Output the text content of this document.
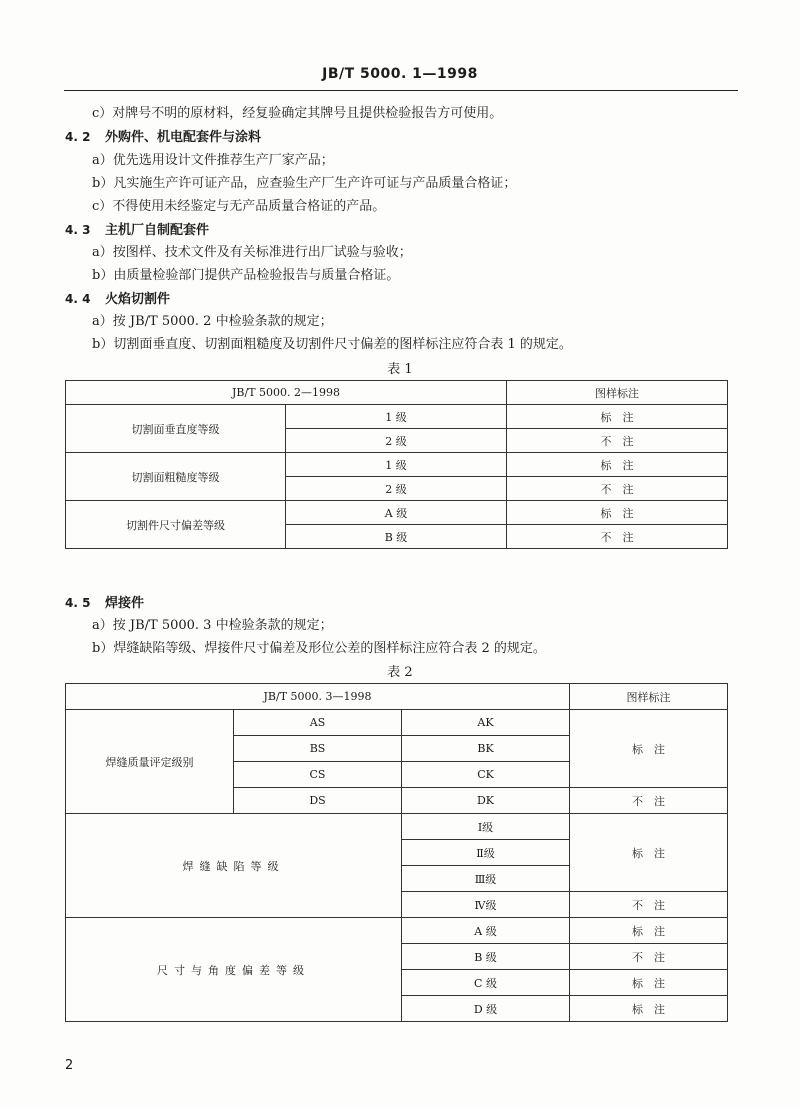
JB/T 5000. 1—1998
c）对牌号不明的原材料，经复验确定其牌号且提供检验报告方可使用。
4. 2 外购件、机电配套件与涂料
a）优先选用设计文件推荐生产厂家产品；
b）凡实施生产许可证产品，应查验生产厂生产许可证与产品质量合格证；
c）不得使用未经鉴定与无产品质量合格证的产品。
4. 3 主机厂自制配套件
a）按图样、技术文件及有关标准进行出厂试验与验收；
b）由质量检验部门提供产品检验报告与质量合格证。
4. 4 火焰切割件
a）按 JB/T 5000. 2 中检验条款的规定；
b）切割面垂直度、切割面粗糙度及切割件尺寸偏差的图样标注应符合表 1 的规定。
表 1
JB/T 5000. 2—1998		图样标注
切割面垂直度等级	1 级	标　注
	2 级	不　注
切割面粗糙度等级	1 级	标　注
	2 级	不　注
切割件尺寸偏差等级	A 级	标　注
	B 级	不　注
4. 5 焊接件
a）按 JB/T 5000. 3 中检验条款的规定；
b）焊缝缺陷等级、焊接件尺寸偏差及形位公差的图样标注应符合表 2 的规定。
表 2
JB/T 5000. 3—1998			图样标注
焊缝质量评定级别	AS	AK	标　注
	BS	BK	
	CS	CK	
	DS	DK	不　注
焊缝缺陷等级		Ⅰ级	标　注
		Ⅱ级	
		Ⅲ级	
		Ⅳ级	不　注
尺寸与角度偏差等级		A 级	标　注
		B 级	不　注
		C 级	标　注
		D 级	标　注
2
